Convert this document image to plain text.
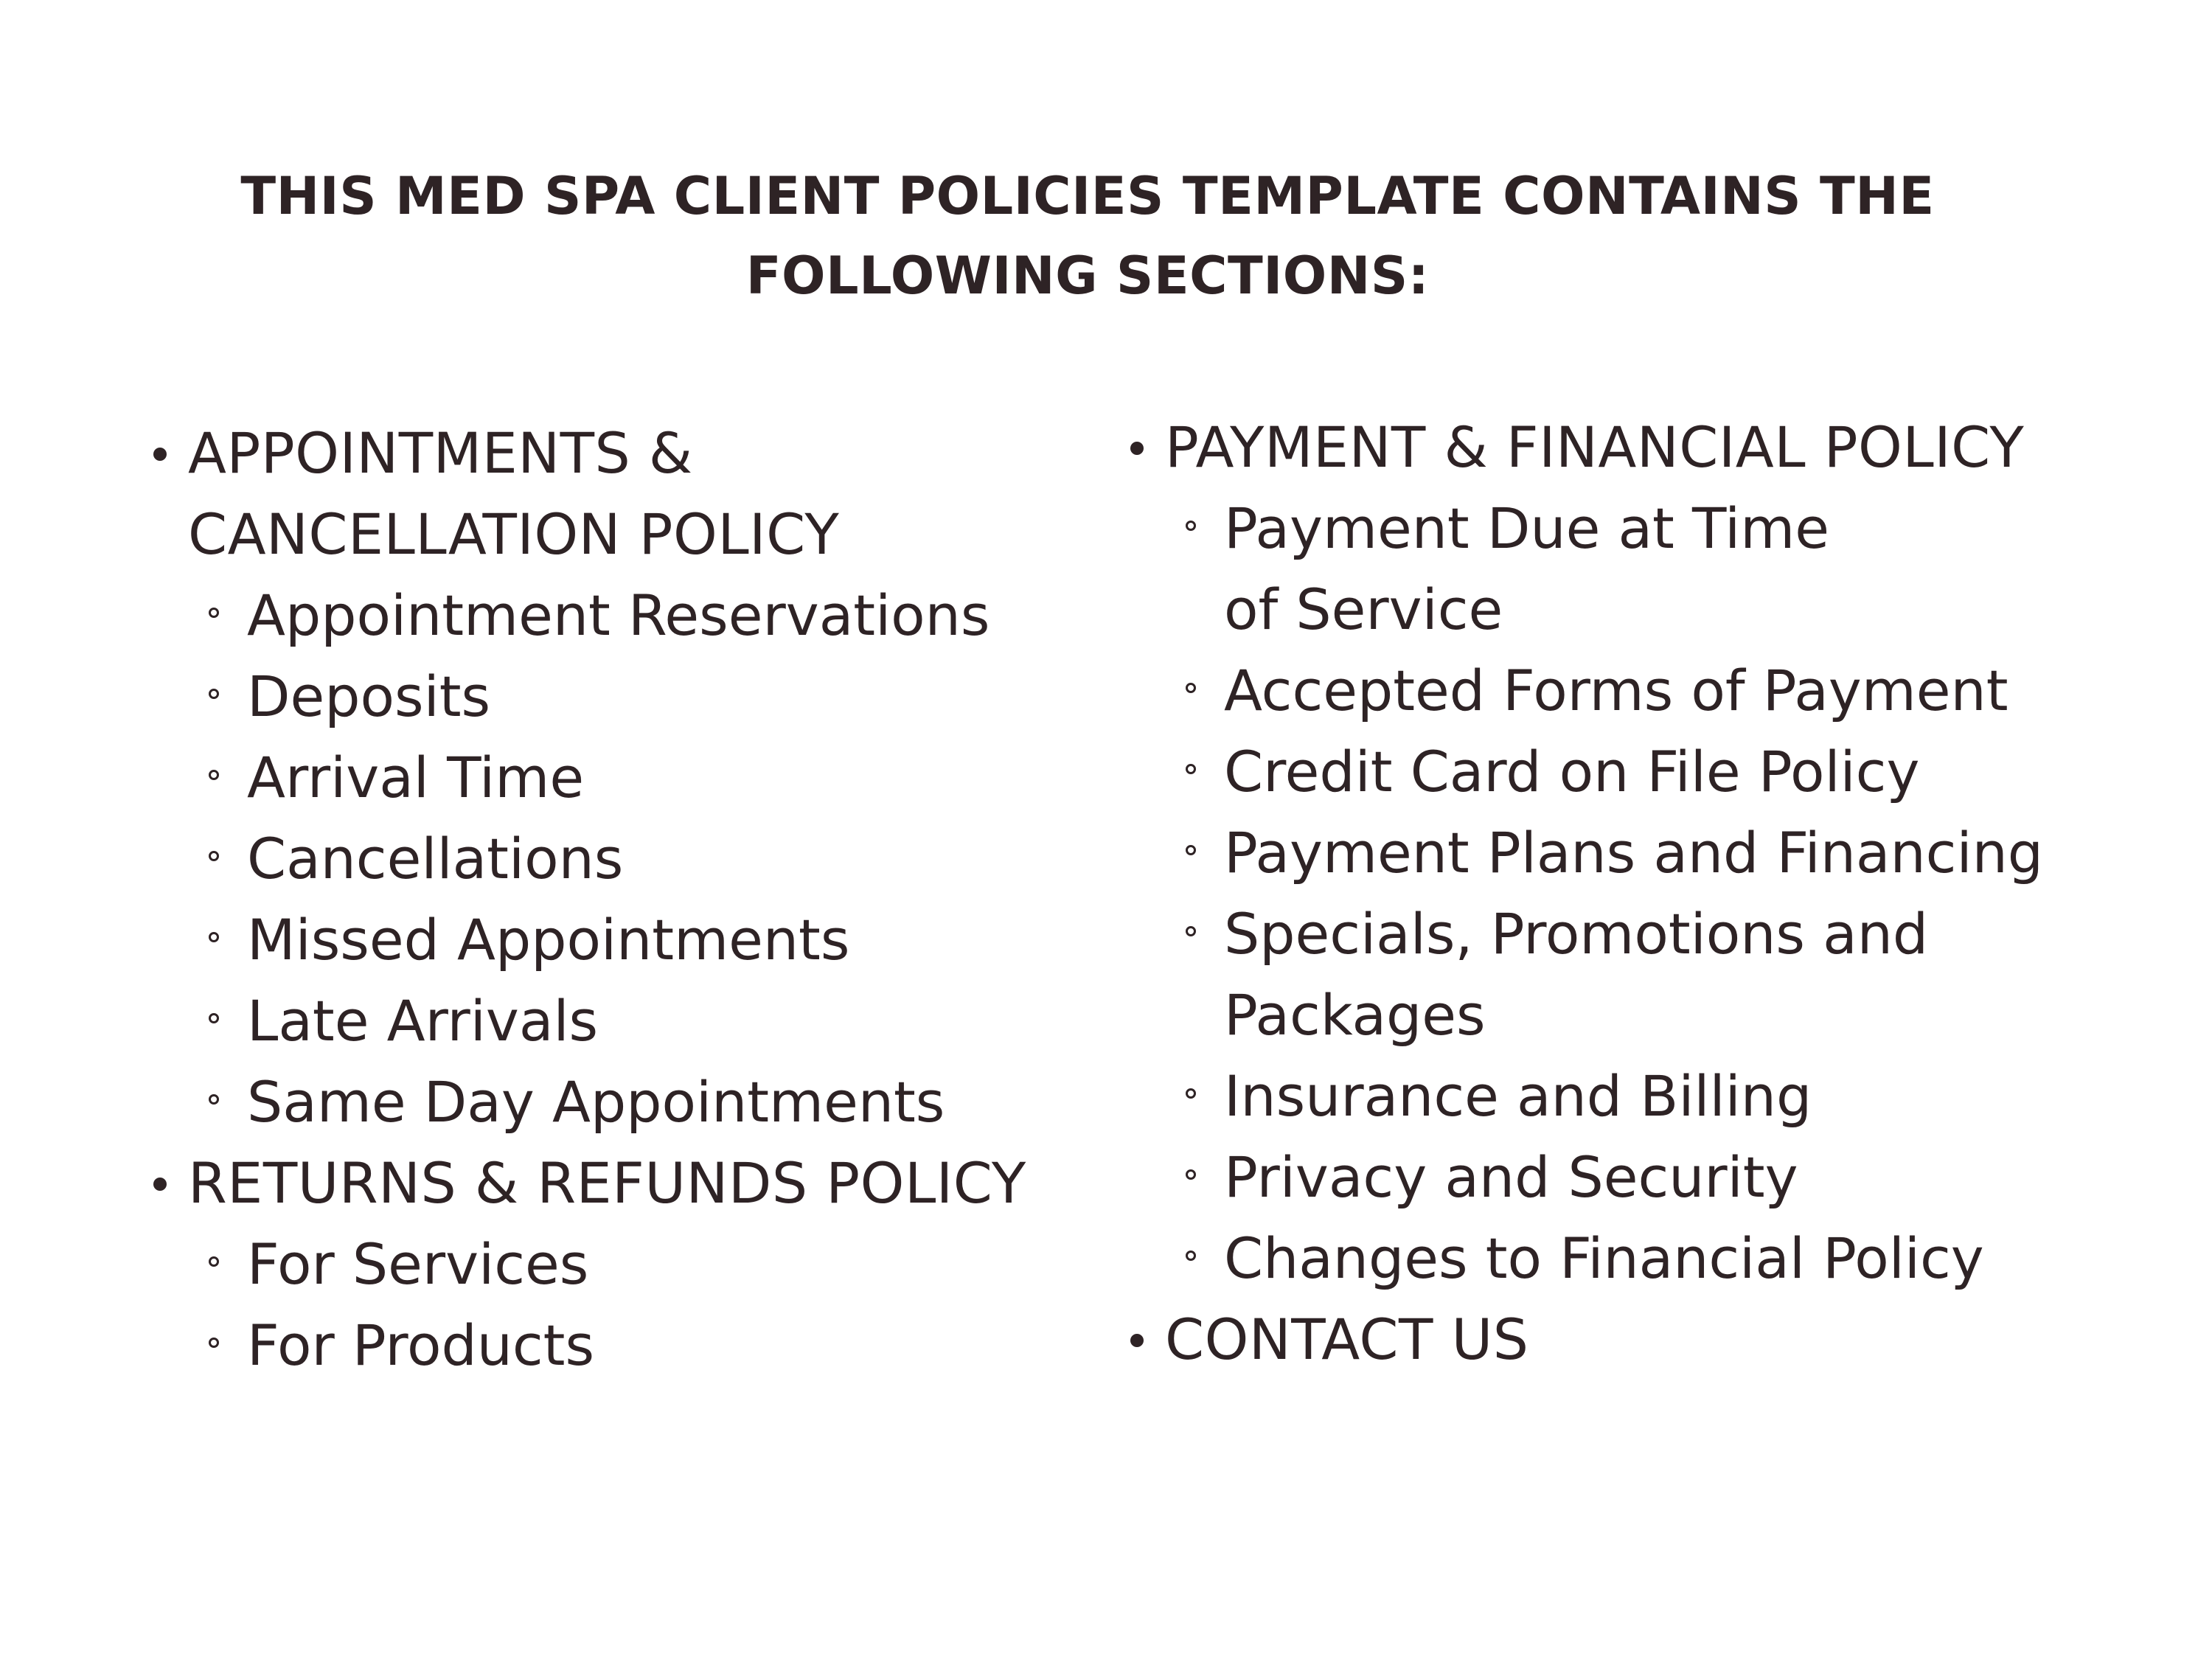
THIS MED SPA CLIENT POLICIES TEMPLATE CONTAINS THE
FOLLOWING SECTIONS:
APPOINTMENTS & CANCELLATION POLICY
Appointment Reservations
Deposits
Arrival Time
Cancellations
Missed Appointments
Late Arrivals
Same Day Appointments
RETURNS & REFUNDS POLICY
For Services
For Products
PAYMENT & FINANCIAL POLICY
Payment Due at Time of Service
Accepted Forms of Payment
Credit Card on File Policy
Payment Plans and Financing
Specials, Promotions and Packages
Insurance and Billing
Privacy and Security
Changes to Financial Policy
CONTACT US
